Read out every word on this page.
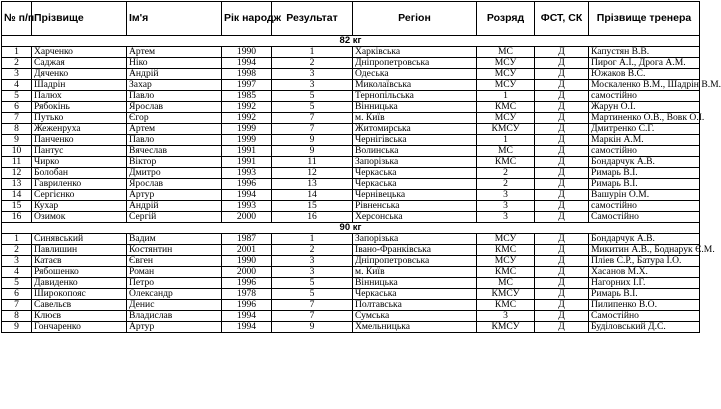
№ п/п	Прізвище	Ім'я	Рік народж	Результат	Регіон	Розряд	ФСТ, СК	Прізвище тренера
82 кг								
1	Харченко	Артем	1990	1	Харківська	МС	Д	Капустян В.В.
2	Саджая	Ніко	1994	2	Дніпропетровська	МСУ	Д	Пирог А.І., Дрога А.М.
3	Дяченко	Андрій	1998	3	Одеська	МСУ	Д	Южаков В.С.
4	Шадрін	Захар	1997	3	Миколаївська	МСУ	Д	Москаленко В.М., Шадрін В.М.
5	Палюх	Павло	1985	5	Тернопільська	1	Д	самостійно
6	Рябокінь	Ярослав	1992	5	Вінницька	КМС	Д	Жарун О.І.
7	Путько	Єгор	1992	7	м. Київ	МСУ	Д	Мартиненко О.В., Вовк О.І.
8	Жеженруха	Артем	1999	7	Житомирська	КМСУ	Д	Дмитренко С.Г.
9	Панченко	Павло	1999	9	Чернігівська	1	Д	Маркін А.М.
10	Пантус	Вячеслав	1991	9	Волинська	МС	Д	самостійно
11	Чирко	Віктор	1991	11	Запорізька	КМС	Д	Бондарчук А.В.
12	Болобан	Дмитро	1993	12	Черкаська	2	Д	Римарь В.І.
13	Гавриленко	Ярослав	1996	13	Черкаська	2	Д	Римарь В.І.
14	Сергієнко	Артур	1994	14	Чернівецька	3	Д	Вашурін О.М.
15	Кухар	Андрій	1993	15	Рівненська	3	Д	самостійно
16	Озимок	Сергій	2000	16	Херсонська	3	Д	Самостійно
90 кг								
1	Синявський	Вадим	1987	1	Запорізька	МСУ	Д	Бондарчук А.В.
2	Павлишин	Костянтин	2001	2	Івано-Франківська	КМС	Д	Микитин А.В., Боднарук Є.М.
3	Катаєв	Євген	1990	3	Дніпропетровська	МСУ	Д	Пліев С.Р., Батура І.О.
4	Рябошенко	Роман	2000	3	м. Київ	КМС	Д	Хасанов М.Х.
5	Давиденко	Петро	1996	5	Вінницька	МС	Д	Нагорних І.Г.
6	Широкопояс	Олександр	1978	5	Черкаська	КМСУ	Д	Римарь В.І.
7	Савельєв	Денис	1996	7	Полтавська	КМС	Д	Пилипенко В.О.
8	Клюєв	Владислав	1994	7	Сумська	3	Д	Самостійно
9	Гончаренко	Артур	1994	9	Хмельницька	КМСУ	Д	Буділовський Д.С.
